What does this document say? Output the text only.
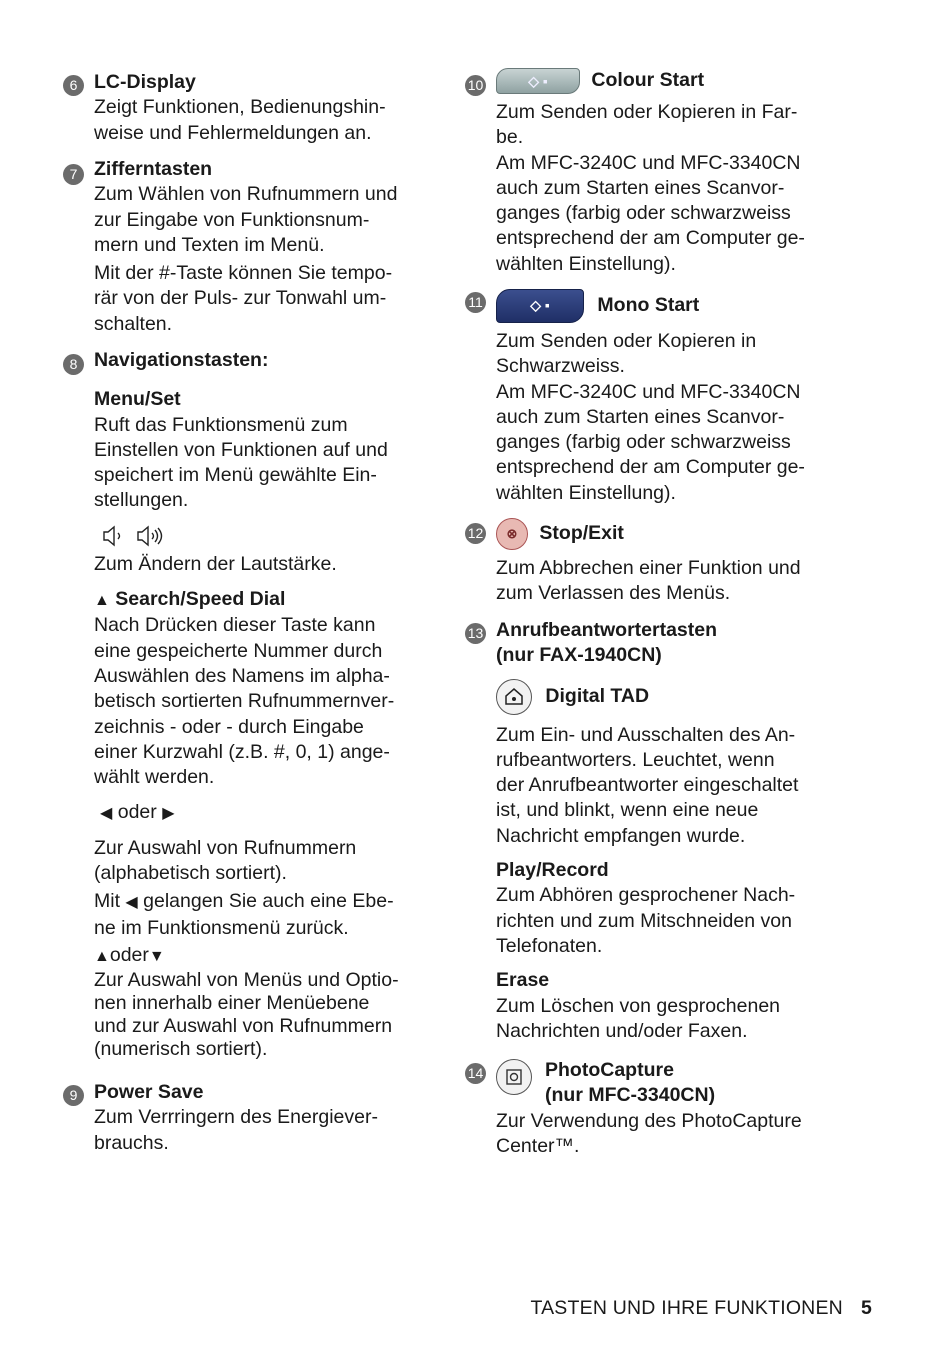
6 LC-Display
Zeigt Funktionen, Bedienungshin-
weise und Fehlermeldungen an.
7 Zifferntasten
Zum Wählen von Rufnummern und
zur Eingabe von Funktionsnum-
mern und Texten im Menü.
Mit der #-Taste können Sie tempo-
rär von der Puls- zur Tonwahl um-
schalten.
8 Navigationstasten:
Menu/Set
Ruft das Funktionsmenü zum
Einstellen von Funktionen auf und
speichert im Menü gewählte Ein-
stellungen.
Zum Ändern der Lautstärke.
▲ Search/Speed Dial
Nach Drücken dieser Taste kann
eine gespeicherte Nummer durch
Auswählen des Namens im alpha-
betisch sortierten Rufnummernver-
zeichnis - oder - durch Eingabe
einer Kurzwahl (z.B. #, 0, 1) ange-
wählt werden.
◀ oder ▶
Zur Auswahl von Rufnummern
(alphabetisch sortiert).
Mit ◀ gelangen Sie auch eine Ebe-
ne im Funktionsmenü zurück.
▲oder▼
Zur Auswahl von Menüs und Optio-
nen innerhalb einer Menüebene
und zur Auswahl von Rufnummern
(numerisch sortiert).
9 Power Save
Zum Verrringern des Energiever-
brauchs.
10	◇ ▪	Colour Start
Zum Senden oder Kopieren in Far-
be.
Am MFC-3240C und MFC-3340CN
auch zum Starten eines Scanvor-
ganges (farbig oder schwarzweiss
entsprechend der am Computer ge-
wählten Einstellung).
11	◇ ▪	Mono Start
Zum Senden oder Kopieren in
Schwarzweiss.
Am MFC-3240C und MFC-3340CN
auch zum Starten eines Scanvor-
ganges (farbig oder schwarzweiss
entsprechend der am Computer ge-
wählten Einstellung).
12	⊗	Stop/Exit
Zum Abbrechen einer Funktion und
zum Verlassen des Menüs.
13 Anrufbeantwortertasten
(nur FAX-1940CN)
Digital TAD
Zum Ein- und Ausschalten des An-
rufbeantworters. Leuchtet, wenn
der Anrufbeantworter eingeschaltet
ist, und blinkt, wenn eine neue
Nachricht empfangen wurde.
Play/Record
Zum Abhören gesprochener Nach-
richten und zum Mitschneiden von
Telefonaten.
Erase
Zum Löschen von gesprochenen
Nachrichten und/oder Faxen.
14	PhotoCapture
(nur MFC-3340CN)
Zur Verwendung des PhotoCapture
Center™.
TASTEN UND IHRE FUNKTIONEN 5
